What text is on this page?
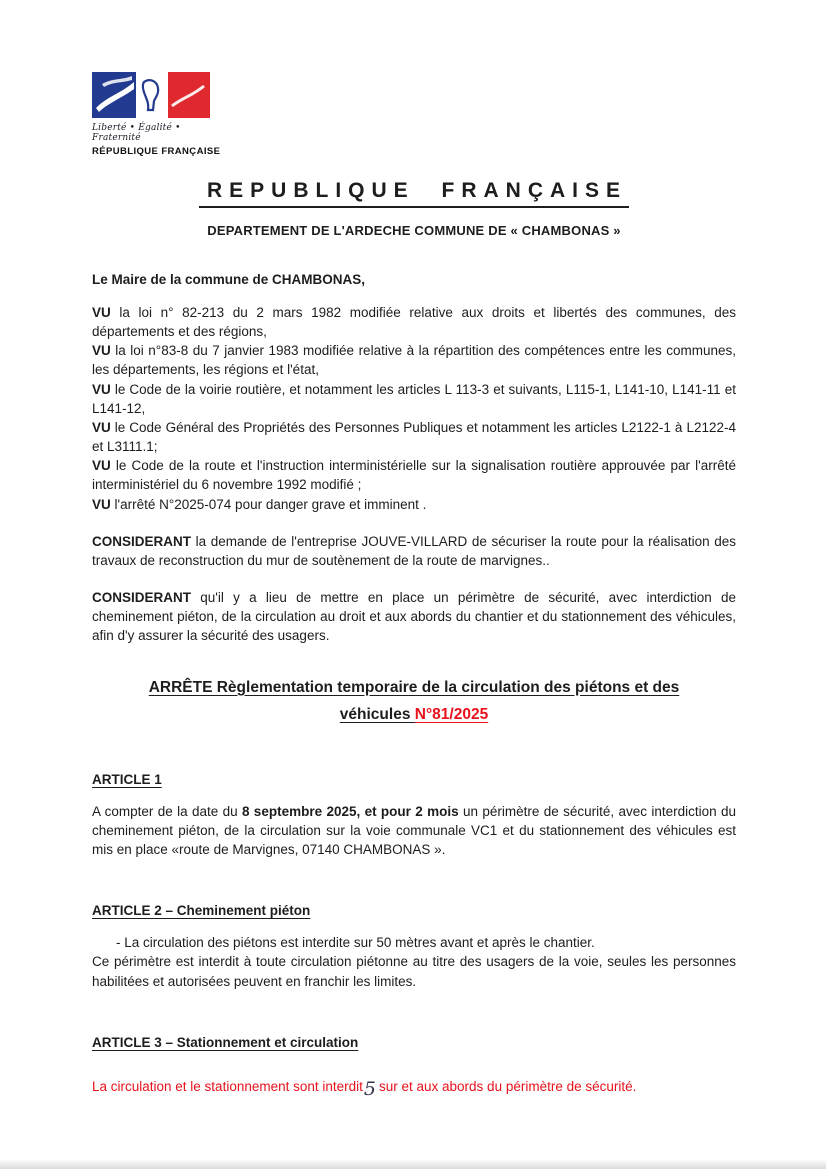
Liberté • Égalité • Fraternité
RÉPUBLIQUE FRANÇAISE
REPUBLIQUE FRANÇAISE
DEPARTEMENT DE L'ARDECHE COMMUNE DE « CHAMBONAS »

Le Maire de la commune de CHAMBONAS,

VU la loi n° 82-213 du 2 mars 1982 modifiée relative aux droits et libertés des communes, des départements et des régions,

VU la loi n°83-8 du 7 janvier 1983 modifiée relative à la répartition des compétences entre les communes, les départements, les régions et l'état,

VU le Code de la voirie routière, et notamment les articles L 113-3 et suivants, L115-1, L141-10, L141-11 et L141-12,

VU le Code Général des Propriétés des Personnes Publiques et notamment les articles L2122-1 à L2122-4 et L3111.1;

VU le Code de la route et l'instruction interministérielle sur la signalisation routière approuvée par l'arrêté interministériel du 6 novembre 1992 modifié ;

VU l'arrêté N°2025-074 pour danger grave et imminent .

CONSIDERANT la demande de l'entreprise JOUVE-VILLARD de sécuriser la route pour la réalisation des travaux de reconstruction du mur de soutènement de la route de marvignes..

CONSIDERANT qu'il y a lieu de mettre en place un périmètre de sécurité, avec interdiction de cheminement piéton, de la circulation au droit et aux abords du chantier et du stationnement des véhicules, afin d'y assurer la sécurité des usagers.

ARRÊTE Règlementation temporaire de la circulation des piétons et des
véhicules N°81/2025
ARTICLE 1

A compter de la date du 8 septembre 2025, et pour 2 mois un périmètre de sécurité, avec interdiction du cheminement piéton, de la circulation sur la voie communale VC1 et du stationnement des véhicules est mis en place «route de Marvignes, 07140 CHAMBONAS ».

ARTICLE 2 – Cheminement piéton

- La circulation des piétons est interdite sur 50 mètres avant et après le chantier.

Ce périmètre est interdit à toute circulation piétonne au titre des usagers de la voie, seules les personnes habilitées et autorisées peuvent en franchir les limites.

ARTICLE 3 – Stationnement et circulation

La circulation et le stationnement sont interdit5 sur et aux abords du périmètre de sécurité.
